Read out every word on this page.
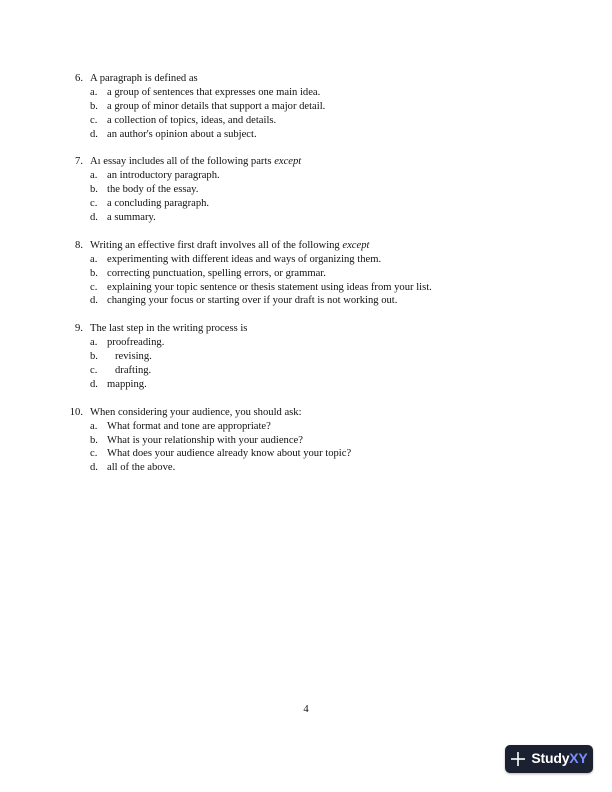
6. A paragraph is defined as
a. a group of sentences that expresses one main idea.
b. a group of minor details that support a major detail.
c. a collection of topics, ideas, and details.
d. an author's opinion about a subject.
7. Aı essay includes all of the following parts except
a. an introductory paragraph.
b. the body of the essay.
c. a concluding paragraph.
d. a summary.
8. Writing an effective first draft involves all of the following except
a. experimenting with different ideas and ways of organizing them.
b. correcting punctuation, spelling errors, or grammar.
c. explaining your topic sentence or thesis statement using ideas from your list.
d. changing your focus or starting over if your draft is not working out.
9. The last step in the writing process is
a. proofreading.
b. revising.
c. drafting.
d. mapping.
10. When considering your audience, you should ask:
a. What format and tone are appropriate?
b. What is your relationship with your audience?
c. What does your audience already know about your topic?
d. all of the above.
4
StudyXY
